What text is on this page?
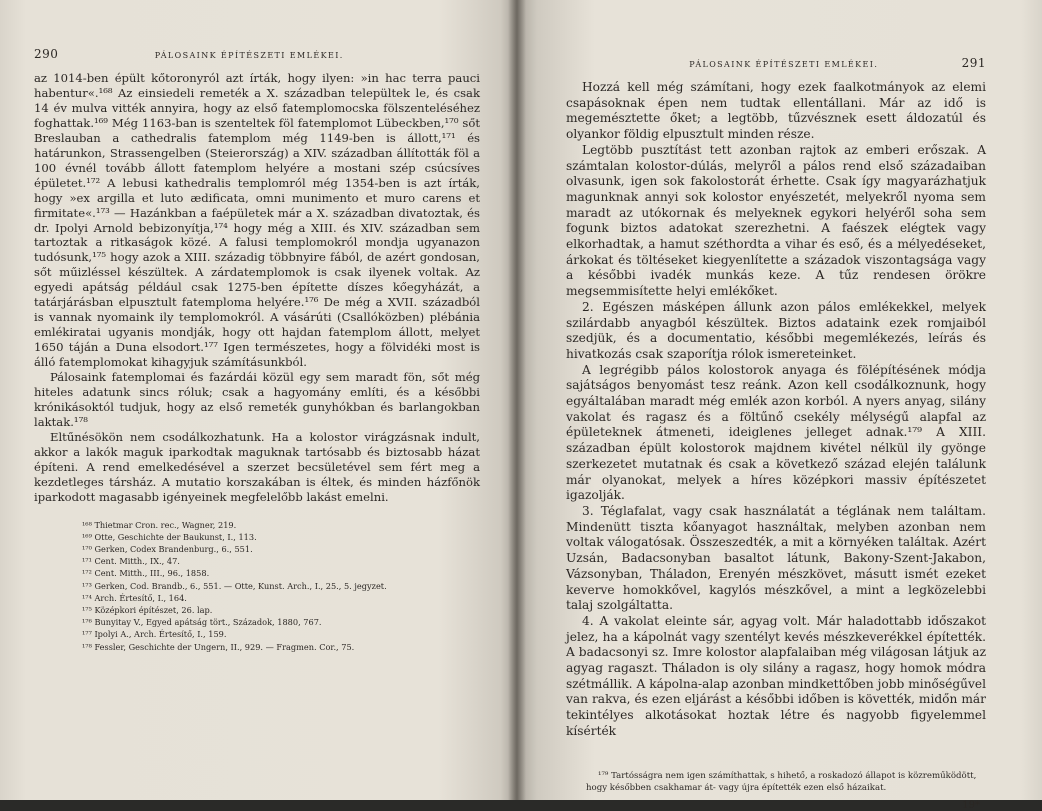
290	PÁLOSAINK ÉPÍTÉSZETI EMLÉKEI.

az 1014-ben épült kőtoronyról azt írták, hogy ilyen: »in hac terra pauci habentur«.¹⁶⁸ Az einsiedeli remeték a X. században települtek le, és csak 14 év mulva vitték annyira, hogy az első fatemplomocska fölszenteléséhez foghattak.¹⁶⁹ Még 1163-ban is szenteltek föl fatemplomot Lübeckben,¹⁷⁰ sőt Breslauban a cathedralis fatemplom még 1149-ben is állott,¹⁷¹ és határunkon, Strassengelben (Steierország) a XIV. században állították föl a 100 évnél tovább állott fatemplom helyére a mostani szép csúcsíves épületet.¹⁷² A lebusi kathedralis templomról még 1354-ben is azt írták, hogy »ex argilla et luto ædificata, omni munimento et muro carens et firmitate«.¹⁷³ — Hazánkban a faépületek már a X. században divatoztak, és dr. Ipolyi Arnold bebizonyítja,¹⁷⁴ hogy még a XIII. és XIV. században sem tartoztak a ritkaságok közé. A falusi templomokról mondja ugyanazon tudósunk,¹⁷⁵ hogy azok a XIII. századig többnyire fából, de azért gondosan, sőt műizléssel készültek. A zárdatemplomok is csak ilyenek voltak. Az egyedi apátság például csak 1275-ben építette díszes kőegyházát, a tatárjárásban elpusztult fatemploma helyére.¹⁷⁶ De még a XVII. századból is vannak nyomaink ily templomokról. A vásárúti (Csallóközben) plébánia emlékiratai ugyanis mondják, hogy ott hajdan fatemplom állott, melyet 1650 táján a Duna elsodort.¹⁷⁷ Igen természetes, hogy a fölvidéki most is álló fatemplomokat kihagyjuk számításunkból.

Pálosaink fatemplomai és fazárdái közül egy sem maradt fön, sőt még hiteles adatunk sincs róluk; csak a hagyomány említi, és a későbbi krónikásoktól tudjuk, hogy az első remeték gunyhókban és barlangokban laktak.¹⁷⁸

Eltűnésökön nem csodálkozhatunk. Ha a kolostor virágzásnak indult, akkor a lakók maguk iparkodtak maguknak tartósabb és biztosabb házat építeni. A rend emelkedésével a szerzet becsületével sem fért meg a kezdetleges társház. A mutatio korszakában is éltek, és minden házfőnök iparkodott magasabb igényeinek megfelelőbb lakást emelni.

¹⁶⁸ Thietmar Cron. rec., Wagner, 219.
¹⁶⁹ Otte, Geschichte der Baukunst, I., 113.
¹⁷⁰ Gerken, Codex Brandenburg., 6., 551.
¹⁷¹ Cent. Mitth., IX., 47.
¹⁷² Cent. Mitth., III., 96., 1858.
¹⁷³ Gerken, Cod. Brandb., 6., 551. — Otte, Kunst. Arch., I., 25., 5. jegyzet.
¹⁷⁴ Arch. Értesítő, I., 164.
¹⁷⁵ Középkori építészet, 26. lap.
¹⁷⁶ Bunyitay V., Egyed apátság tört., Századok, 1880, 767.
¹⁷⁷ Ipolyi A., Arch. Értesítő, I., 159.
¹⁷⁸ Fessler, Geschichte der Ungern, II., 929. — Fragmen. Cor., 75.
PÁLOSAINK ÉPÍTÉSZETI EMLÉKEI.	291

Hozzá kell még számítani, hogy ezek faalkotmányok az elemi csapásoknak épen nem tudtak ellentállani. Már az idő is megemésztette őket; a legtöbb, tűzvésznek esett áldozatúl és olyankor földig elpusztult minden része.

Legtöbb pusztítást tett azonban rajtok az emberi erőszak. A számtalan kolostor-dúlás, melyről a pálos rend első századaiban olvasunk, igen sok fakolostorát érhette. Csak így magyarázhatjuk magunknak annyi sok kolostor enyészetét, melyekről nyoma sem maradt az utókornak és melyeknek egykori helyéről soha sem fogunk biztos adatokat szerezhetni. A faészek elégtek vagy elkorhadtak, a hamut széthordta a vihar és eső, és a mélyedéseket, árkokat és töltéseket kiegyenlítette a századok viszontagsága vagy a későbbi ivadék munkás keze. A tűz rendesen örökre megsemmisítette helyi emlékőket.

2. Egészen másképen állunk azon pálos emlékekkel, melyek szilárdabb anyagból készültek. Biztos adataink ezek romjaiból szedjük, és a documentatio, későbbi megemlékezés, leírás és hivatkozás csak szaporítja rólok ismereteinket.

A legrégibb pálos kolostorok anyaga és fölépítésének módja sajátságos benyomást tesz reánk. Azon kell csodálkoznunk, hogy egyáltalában maradt még emlék azon korból. A nyers anyag, silány vakolat és ragasz és a föltűnő csekély mélységű alapfal az épületeknek átmeneti, ideiglenes jelleget adnak.¹⁷⁹ A XIII. században épült kolostorok majdnem kivétel nélkül ily gyönge szerkezetet mutatnak és csak a következő század elején találunk már olyanokat, melyek a híres középkori massiv építészetet igazolják.

3. Téglafalat, vagy csak használatát a téglának nem találtam. Mindenütt tiszta kőanyagot használtak, melyben azonban nem voltak válogatósak. Összeszedték, a mit a környéken találtak. Azért Uzsán, Badacsonyban basaltot látunk, Bakony-Szent-Jakabon, Vázsonyban, Tháladon, Erenyén mészkövet, másutt ismét ezeket keverve homokkővel, kagylós mészkővel, a mint a legközelebbi talaj szolgáltatta.

4. A vakolat eleinte sár, agyag volt. Már haladottabb időszakot jelez, ha a kápolnát vagy szentélyt kevés mészkeverékkel építették. A badacsonyi sz. Imre kolostor alapfalaiban még világosan látjuk az agyag ragaszt. Tháladon is oly silány a ragasz, hogy homok módra szétmállik. A kápolna-alap azonban mindkettőben jobb minőségűvel van rakva, és ezen eljárást a későbbi időben is követték, midőn már tekintélyes alkotásokat hoztak létre és nagyobb figyelemmel kísérték

¹⁷⁹ Tartósságra nem igen számíthattak, s hihető, a roskadozó állapot is közreműködött, hogy későbben csakhamar át- vagy újra építették ezen első házaikat.
19*
